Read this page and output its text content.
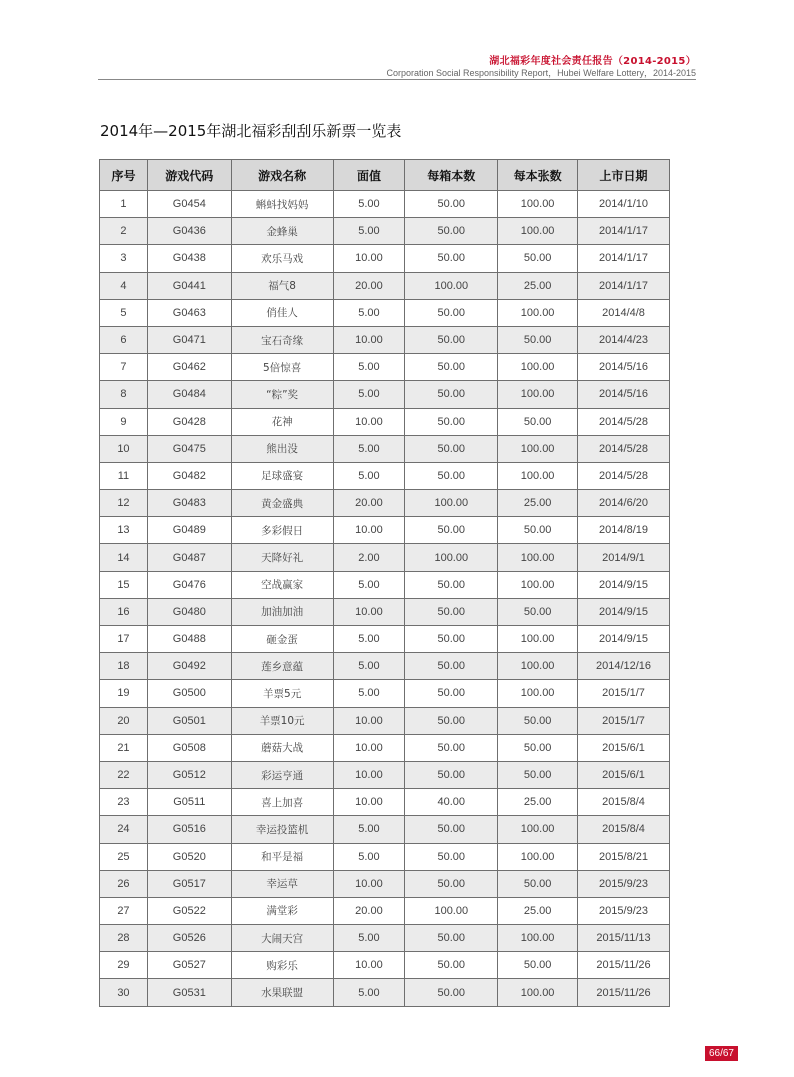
湖北福彩年度社会责任报告（2014-2015）
Corporation Social Responsibility Report，Hubei Welfare Lottery，2014-2015
2014年—2015年湖北福彩刮刮乐新票一览表
序号	游戏代码	游戏名称	面值	每箱本数	每本张数	上市日期
1	G0454	蝌蚪找妈妈	5.00	50.00	100.00	2014/1/10
2	G0436	金蜂巢	5.00	50.00	100.00	2014/1/17
3	G0438	欢乐马戏	10.00	50.00	50.00	2014/1/17
4	G0441	福气8	20.00	100.00	25.00	2014/1/17
5	G0463	俏佳人	5.00	50.00	100.00	2014/4/8
6	G0471	宝石奇缘	10.00	50.00	50.00	2014/4/23
7	G0462	5倍惊喜	5.00	50.00	100.00	2014/5/16
8	G0484	“粽”奖	5.00	50.00	100.00	2014/5/16
9	G0428	花神	10.00	50.00	50.00	2014/5/28
10	G0475	熊出没	5.00	50.00	100.00	2014/5/28
11	G0482	足球盛宴	5.00	50.00	100.00	2014/5/28
12	G0483	黄金盛典	20.00	100.00	25.00	2014/6/20
13	G0489	多彩假日	10.00	50.00	50.00	2014/8/19
14	G0487	天降好礼	2.00	100.00	100.00	2014/9/1
15	G0476	空战赢家	5.00	50.00	100.00	2014/9/15
16	G0480	加油加油	10.00	50.00	50.00	2014/9/15
17	G0488	砸金蛋	5.00	50.00	100.00	2014/9/15
18	G0492	莲乡意蕴	5.00	50.00	100.00	2014/12/16
19	G0500	羊票5元	5.00	50.00	100.00	2015/1/7
20	G0501	羊票10元	10.00	50.00	50.00	2015/1/7
21	G0508	蘑菇大战	10.00	50.00	50.00	2015/6/1
22	G0512	彩运亨通	10.00	50.00	50.00	2015/6/1
23	G0511	喜上加喜	10.00	40.00	25.00	2015/8/4
24	G0516	幸运投篮机	5.00	50.00	100.00	2015/8/4
25	G0520	和平是福	5.00	50.00	100.00	2015/8/21
26	G0517	幸运草	10.00	50.00	50.00	2015/9/23
27	G0522	满堂彩	20.00	100.00	25.00	2015/9/23
28	G0526	大闹天宫	5.00	50.00	100.00	2015/11/13
29	G0527	购彩乐	10.00	50.00	50.00	2015/11/26
30	G0531	水果联盟	5.00	50.00	100.00	2015/11/26
66/67
